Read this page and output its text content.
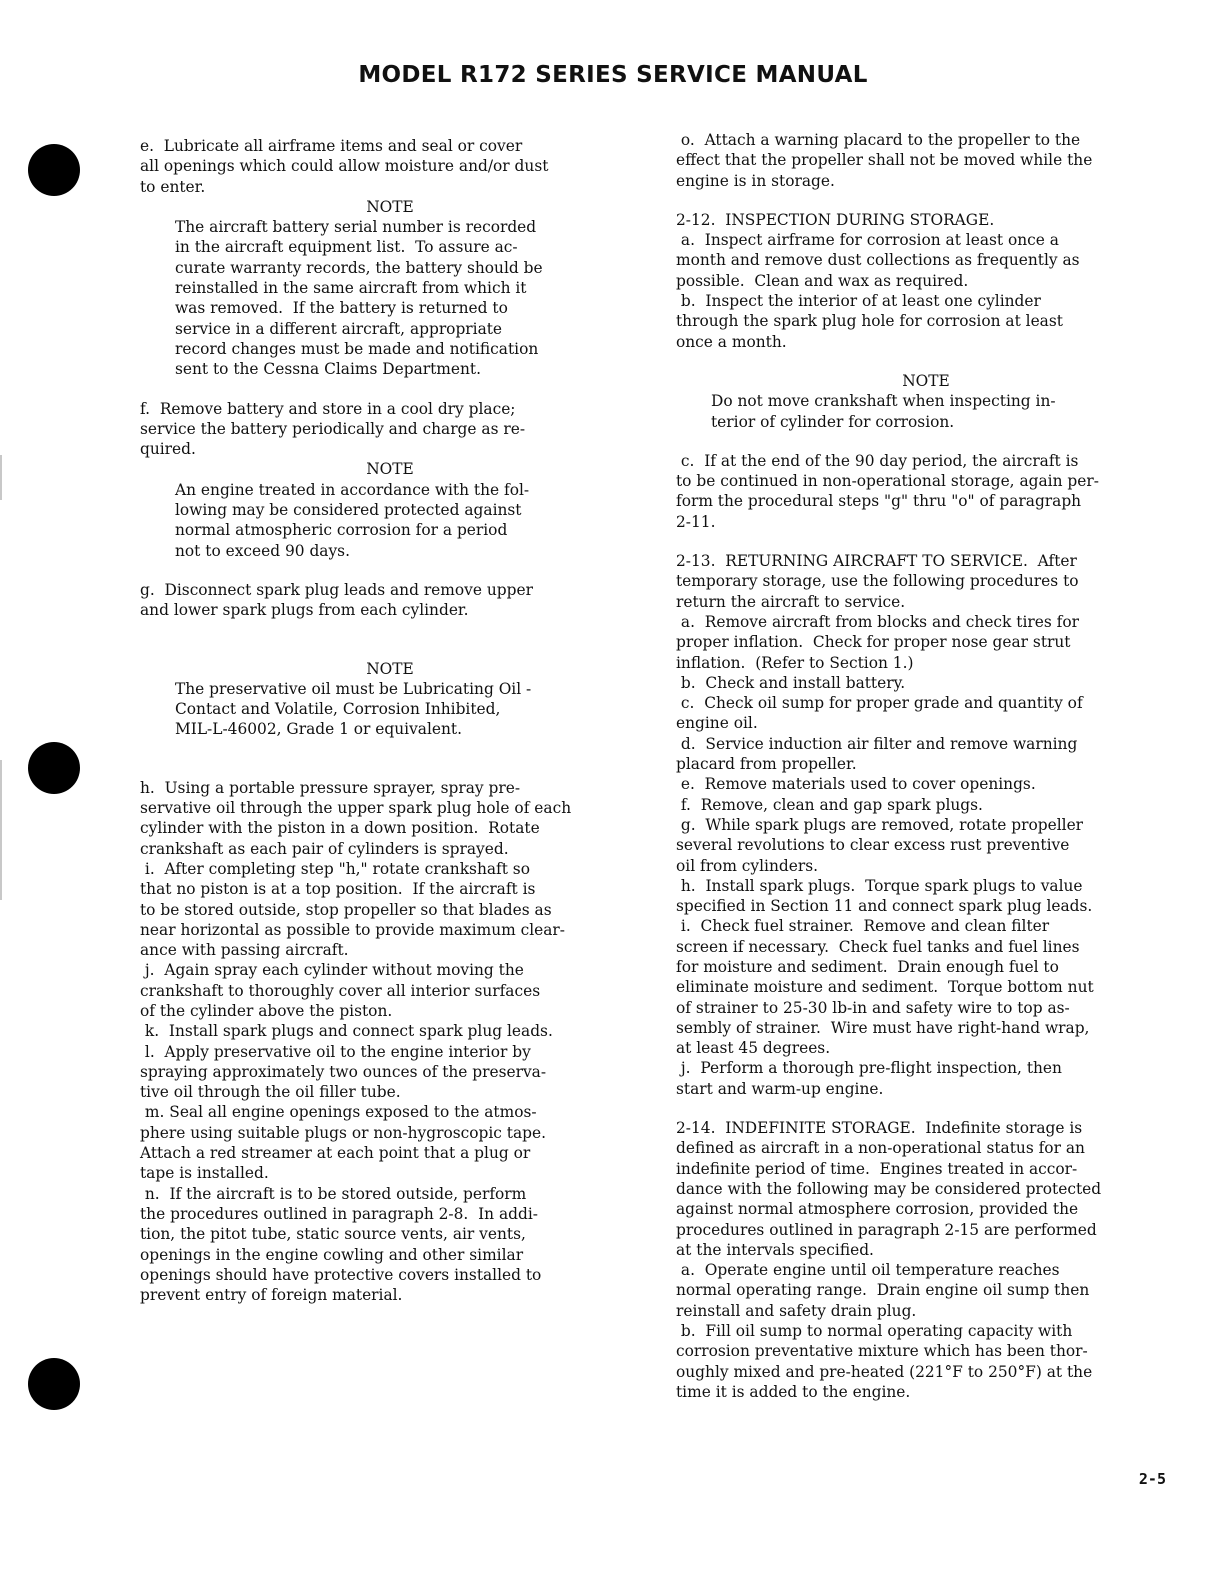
MODEL R172 SERIES SERVICE MANUAL
e.  Lubricate all airframe items and seal or cover
all openings which could allow moisture and/or dust
to enter.
NOTE
The aircraft battery serial number is recorded
in the aircraft equipment list.  To assure ac-
curate warranty records, the battery should be
reinstalled in the same aircraft from which it
was removed.  If the battery is returned to
service in a different aircraft, appropriate
record changes must be made and notification
sent to the Cessna Claims Department.
f.  Remove battery and store in a cool dry place;
service the battery periodically and charge as re-
quired.
NOTE
An engine treated in accordance with the fol-
lowing may be considered protected against
normal atmospheric corrosion for a period
not to exceed 90 days.
g.  Disconnect spark plug leads and remove upper
and lower spark plugs from each cylinder.
NOTE
The preservative oil must be Lubricating Oil -
Contact and Volatile, Corrosion Inhibited,
MIL-L-46002, Grade 1 or equivalent.
h.  Using a portable pressure sprayer, spray pre-
servative oil through the upper spark plug hole of each
cylinder with the piston in a down position.  Rotate
crankshaft as each pair of cylinders is sprayed.
i.  After completing step "h," rotate crankshaft so
that no piston is at a top position.  If the aircraft is
to be stored outside, stop propeller so that blades as
near horizontal as possible to provide maximum clear-
ance with passing aircraft.
j.  Again spray each cylinder without moving the
crankshaft to thoroughly cover all interior surfaces
of the cylinder above the piston.
k.  Install spark plugs and connect spark plug leads.
l.  Apply preservative oil to the engine interior by
spraying approximately two ounces of the preserva-
tive oil through the oil filler tube.
m. Seal all engine openings exposed to the atmos-
phere using suitable plugs or non-hygroscopic tape.
Attach a red streamer at each point that a plug or
tape is installed.
n.  If the aircraft is to be stored outside, perform
the procedures outlined in paragraph 2-8.  In addi-
tion, the pitot tube, static source vents, air vents,
openings in the engine cowling and other similar
openings should have protective covers installed to
prevent entry of foreign material.
o.  Attach a warning placard to the propeller to the
effect that the propeller shall not be moved while the
engine is in storage.
2-12.  INSPECTION DURING STORAGE.
a.  Inspect airframe for corrosion at least once a
month and remove dust collections as frequently as
possible.  Clean and wax as required.
b.  Inspect the interior of at least one cylinder
through the spark plug hole for corrosion at least
once a month.
NOTE
Do not move crankshaft when inspecting in-
terior of cylinder for corrosion.
c.  If at the end of the 90 day period, the aircraft is
to be continued in non-operational storage, again per-
form the procedural steps "g" thru "o" of paragraph
2-11.
2-13.  RETURNING AIRCRAFT TO SERVICE.  After
temporary storage, use the following procedures to
return the aircraft to service.
a.  Remove aircraft from blocks and check tires for
proper inflation.  Check for proper nose gear strut
inflation.  (Refer to Section 1.)
b.  Check and install battery.
c.  Check oil sump for proper grade and quantity of
engine oil.
d.  Service induction air filter and remove warning
placard from propeller.
e.  Remove materials used to cover openings.
f.  Remove, clean and gap spark plugs.
g.  While spark plugs are removed, rotate propeller
several revolutions to clear excess rust preventive
oil from cylinders.
h.  Install spark plugs.  Torque spark plugs to value
specified in Section 11 and connect spark plug leads.
i.  Check fuel strainer.  Remove and clean filter
screen if necessary.  Check fuel tanks and fuel lines
for moisture and sediment.  Drain enough fuel to
eliminate moisture and sediment.  Torque bottom nut
of strainer to 25-30 lb-in and safety wire to top as-
sembly of strainer.  Wire must have right-hand wrap,
at least 45 degrees.
j.  Perform a thorough pre-flight inspection, then
start and warm-up engine.
2-14.  INDEFINITE STORAGE.  Indefinite storage is
defined as aircraft in a non-operational status for an
indefinite period of time.  Engines treated in accor-
dance with the following may be considered protected
against normal atmosphere corrosion, provided the
procedures outlined in paragraph 2-15 are performed
at the intervals specified.
a.  Operate engine until oil temperature reaches
normal operating range.  Drain engine oil sump then
reinstall and safety drain plug.
b.  Fill oil sump to normal operating capacity with
corrosion preventative mixture which has been thor-
oughly mixed and pre-heated (221°F to 250°F) at the
time it is added to the engine.
2-5
